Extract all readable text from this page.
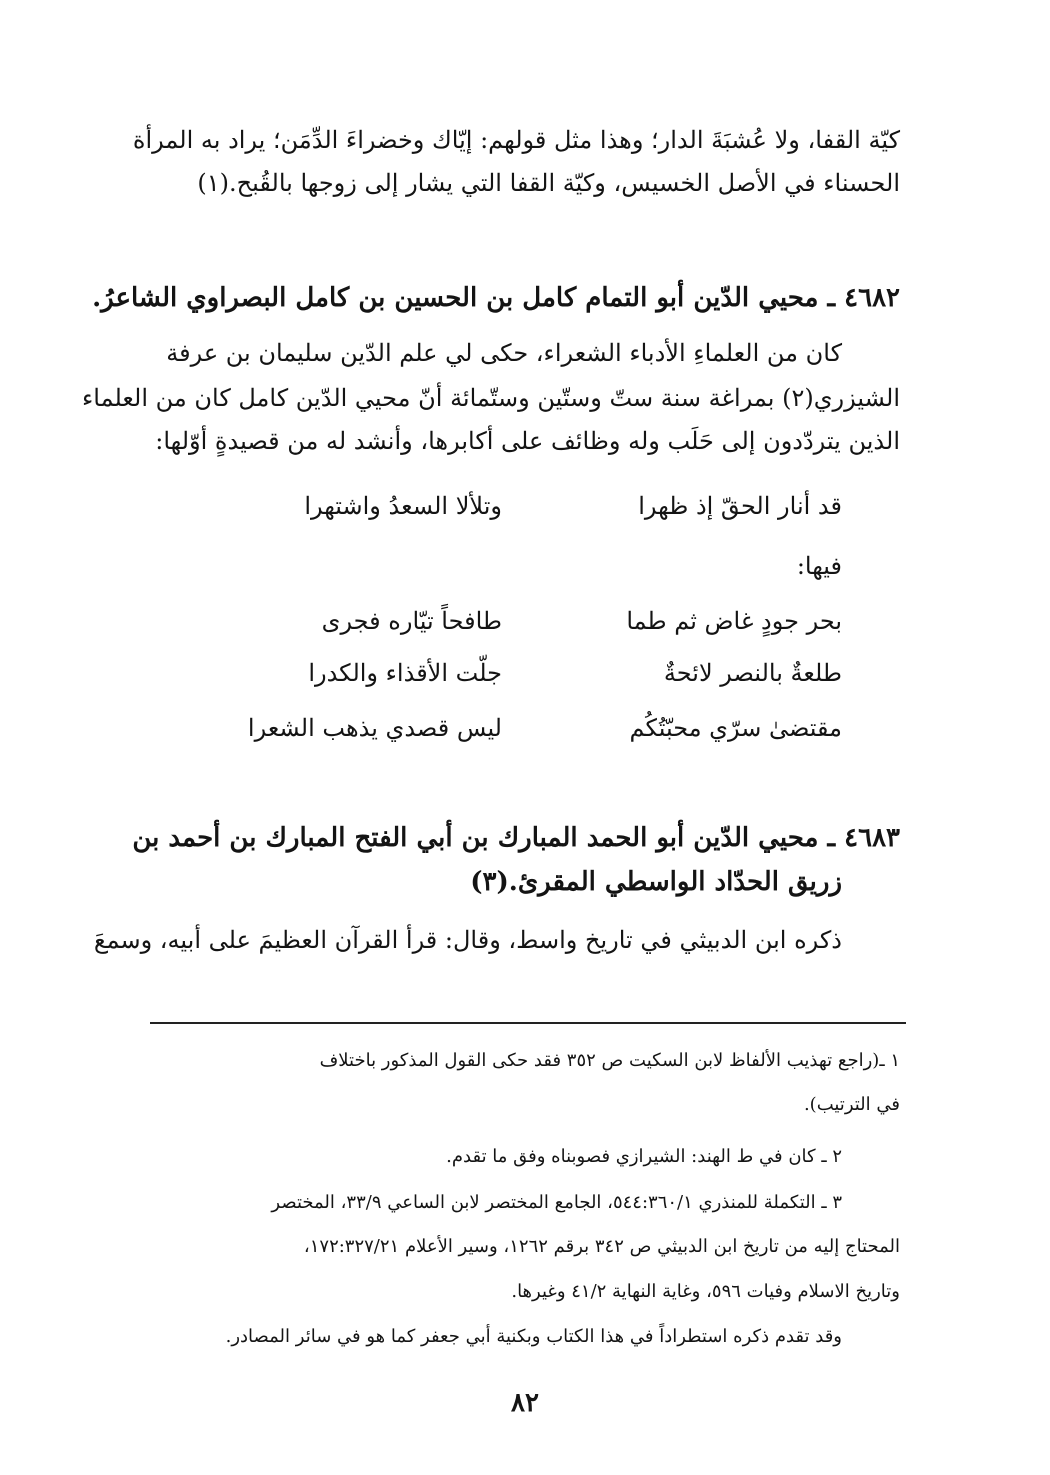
كيّة القفا، ولا عُشبَةَ الدار؛ وهذا مثل قولهم: إيّاك وخضراءَ الدِّمَن؛ يراد به المرأة
الحسناء في الأصل الخسيس، وكيّة القفا التي يشار إلى زوجها بالقُبح.(١)
٤٦٨٢ ـ محيي الدّين أبو التمام كامل بن الحسين بن كامل البصراوي الشاعرُ.
كان من العلماءِ الأدباء الشعراء، حكى لي علم الدّين سليمان بن عرفة
الشيزري(٢) بمراغة سنة ستّ وستّين وستّمائة أنّ محيي الدّين كامل كان من العلماء
الذين يتردّدون إلى حَلَب وله وظائف على أكابرها، وأنشد له من قصيدةٍ أوّلها:
قد أنار الحقّ إذ ظهرا
وتلألا السعدُ واشتهرا
فيها:
بحر جودٍ غاض ثم طما
طافحاً تيّاره فجرى
طلعةٌ بالنصر لائحةٌ
جلّت الأقذاء والكدرا
مقتضىٰ سرّي محبّتُكُم
ليس قصدي يذهب الشعرا
٤٦٨٣ ـ محيي الدّين أبو الحمد المبارك بن أبي الفتح المبارك بن أحمد بن
زريق الحدّاد الواسطي المقرئ.(٣)
ذكره ابن الدبيثي في تاريخ واسط، وقال: قرأ القرآن العظيمَ على أبيه، وسمعَ
١ ـ(راجع تهذيب الألفاظ لابن السكيت ص ٣٥٢ فقد حكى القول المذكور باختلاف
في الترتيب).
٢ ـ كان في ط الهند: الشيرازي فصوبناه وفق ما تقدم.
٣ ـ التكملة للمنذري ٥٤٤:٣٦٠/١، الجامع المختصر لابن الساعي ٣٣/٩، المختصر
المحتاج إليه من تاريخ ابن الدبيثي ص ٣٤٢ برقم ١٢٦٢، وسير الأعلام ١٧٢:٣٢٧/٢١،
وتاريخ الاسلام وفيات ٥٩٦، وغاية النهاية ٤١/٢ وغيرها.
وقد تقدم ذكره استطراداً في هذا الكتاب وبكنية أبي جعفر كما هو في سائر المصادر.
٨٢
